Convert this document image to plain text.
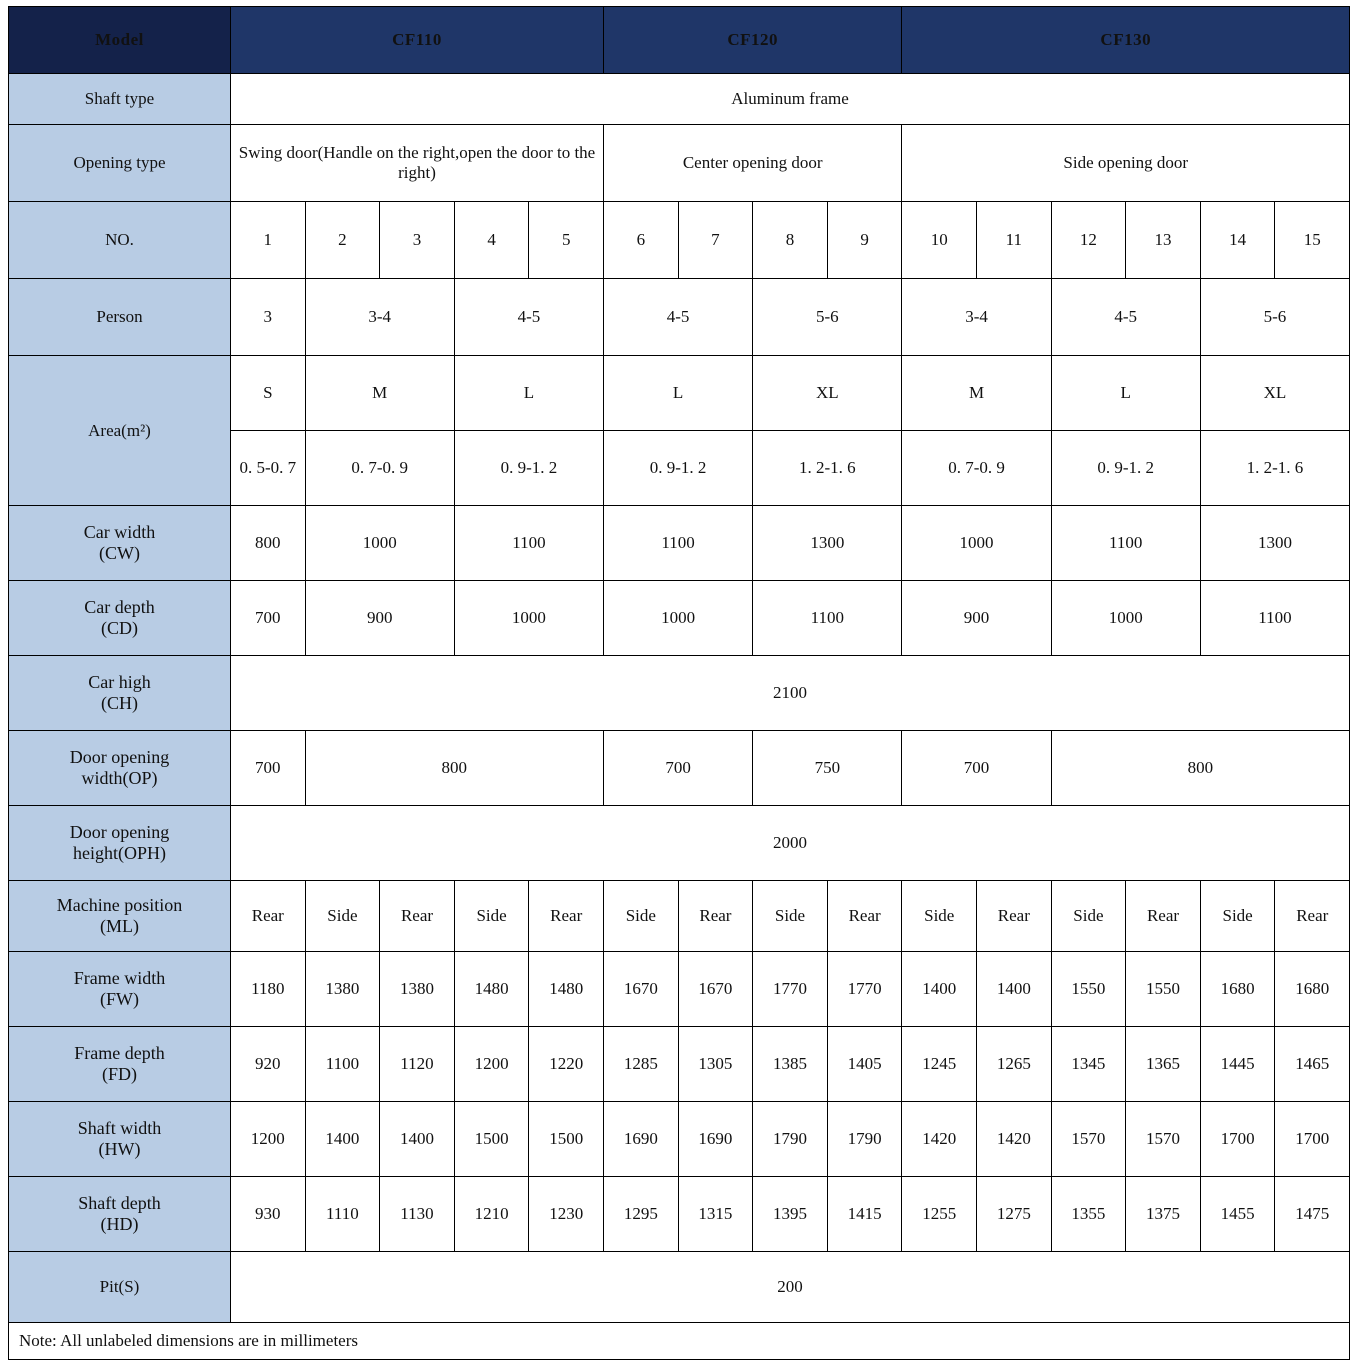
Model	CF110					CF120				CF130					
Shaft type	Aluminum frame														
Opening type	Swing door(Handle on the right,open the door to the right)					Center opening door				Side opening door					
NO.	1	2	3	4	5	6	7	8	9	10	11	12	13	14	15
Person	3	3-4		4-5		4-5		5-6		3-4		4-5		5-6	
Area(m²)	S	M		L		L		XL		M		L		XL	
	0. 5-0. 7	0. 7-0. 9		0. 9-1. 2		0. 9-1. 2		1. 2-1. 6		0. 7-0. 9		0. 9-1. 2		1. 2-1. 6	

Car width
(CW)	800	1000		1100		1100		1300		1000		1100		1300	

Car depth
(CD)	700	900		1000		1000		1100		900		1000		1100	

Car high
(CH)	2100														

Door opening
width(OP)	700	800				700		750		700		800			

Door opening
height(OPH)	2000														

Machine position
(ML)	Rear	Side	Rear	Side	Rear	Side	Rear	Side	Rear	Side	Rear	Side	Rear	Side	Rear

Frame width
(FW)	1180	1380	1380	1480	1480	1670	1670	1770	1770	1400	1400	1550	1550	1680	1680

Frame depth
(FD)	920	1100	1120	1200	1220	1285	1305	1385	1405	1245	1265	1345	1365	1445	1465

Shaft width
(HW)	1200	1400	1400	1500	1500	1690	1690	1790	1790	1420	1420	1570	1570	1700	1700

Shaft depth
(HD)	930	1110	1130	1210	1230	1295	1315	1395	1415	1255	1275	1355	1375	1455	1475
Pit(S)	200														
Note: All unlabeled dimensions are in millimeters
